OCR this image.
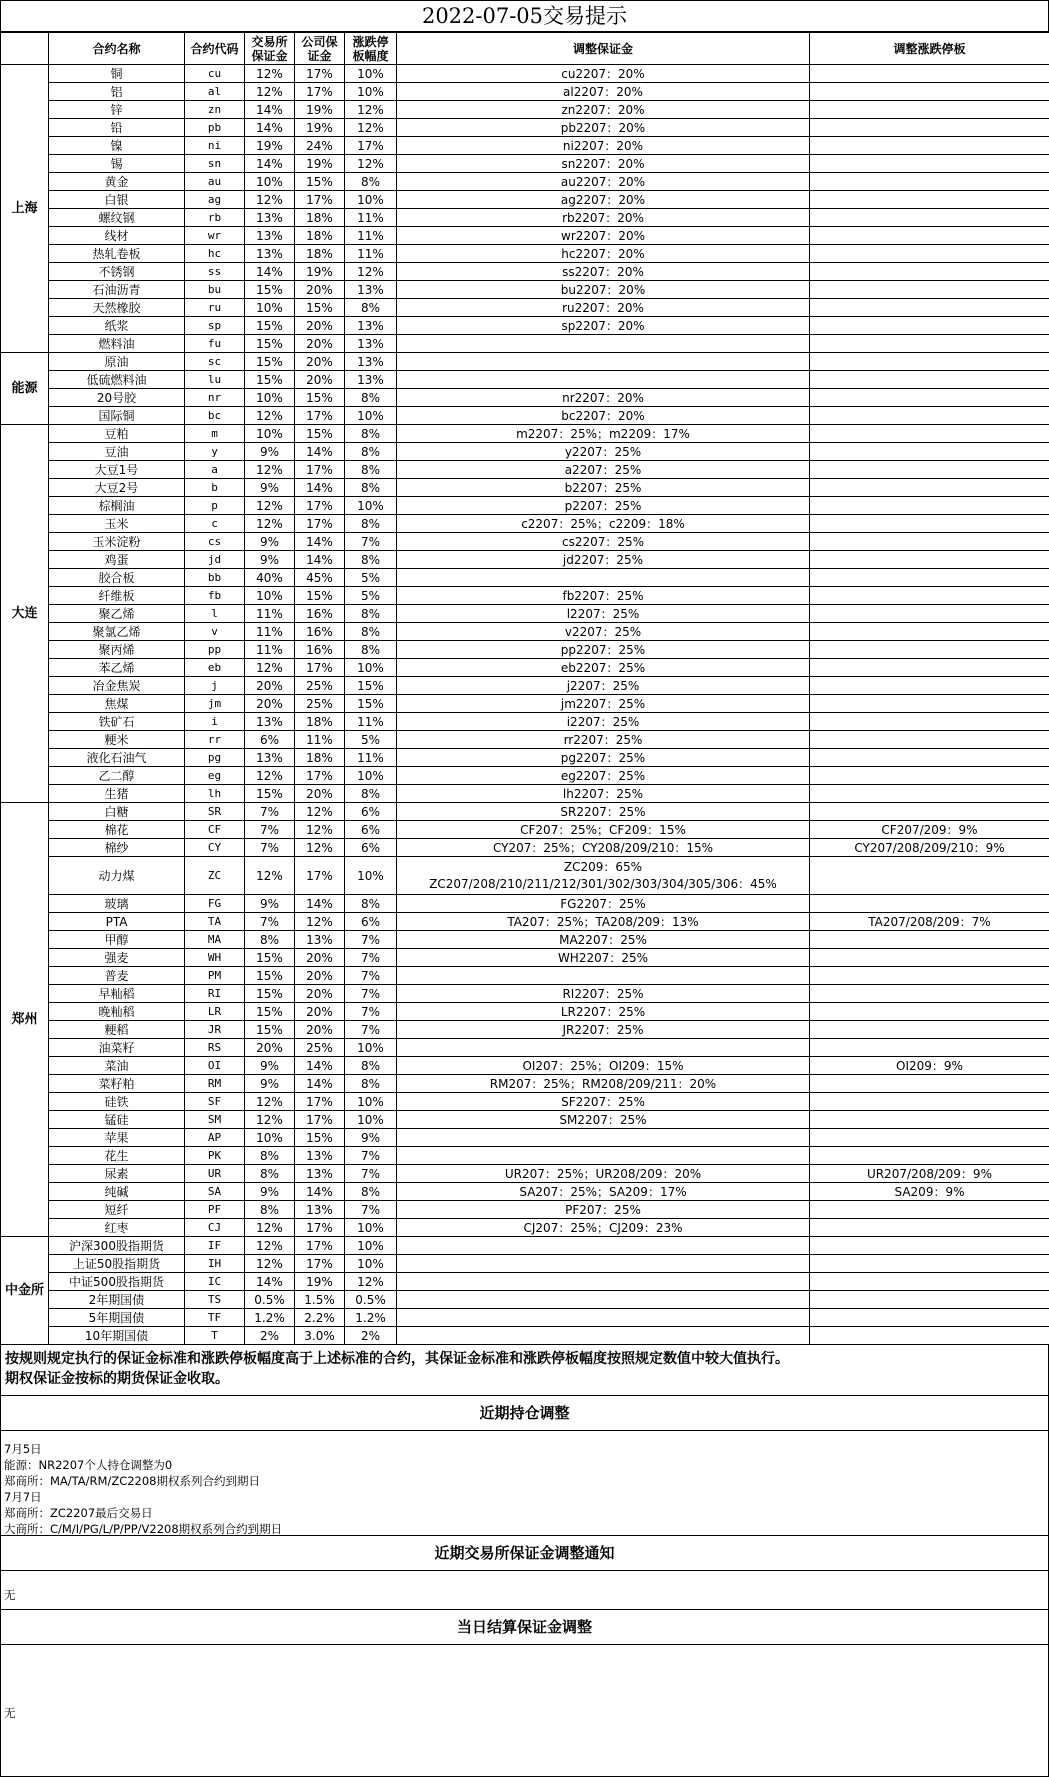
2022-07-05交易提示
	合约名称	合约代码	交易所保证金	公司保证金	涨跌停板幅度	调整保证金	调整涨跌停板
上海	铜	cu	12%	17%	10%	cu2207：20%	
	铝	al	12%	17%	10%	al2207：20%	
	锌	zn	14%	19%	12%	zn2207：20%	
	铅	pb	14%	19%	12%	pb2207：20%	
	镍	ni	19%	24%	17%	ni2207：20%	
	锡	sn	14%	19%	12%	sn2207：20%	
	黄金	au	10%	15%	8%	au2207：20%	
	白银	ag	12%	17%	10%	ag2207：20%	
	螺纹钢	rb	13%	18%	11%	rb2207：20%	
	线材	wr	13%	18%	11%	wr2207：20%	
	热轧卷板	hc	13%	18%	11%	hc2207：20%	
	不锈钢	ss	14%	19%	12%	ss2207：20%	
	石油沥青	bu	15%	20%	13%	bu2207：20%	
	天然橡胶	ru	10%	15%	8%	ru2207：20%	
	纸浆	sp	15%	20%	13%	sp2207：20%	
	燃料油	fu	15%	20%	13%		
能源	原油	sc	15%	20%	13%		
	低硫燃料油	lu	15%	20%	13%		
	20号胶	nr	10%	15%	8%	nr2207：20%	
	国际铜	bc	12%	17%	10%	bc2207：20%	
大连	豆粕	m	10%	15%	8%	m2207：25%；m2209：17%	
	豆油	y	9%	14%	8%	y2207：25%	
	大豆1号	a	12%	17%	8%	a2207：25%	
	大豆2号	b	9%	14%	8%	b2207：25%	
	棕榈油	p	12%	17%	10%	p2207：25%	
	玉米	c	12%	17%	8%	c2207：25%；c2209：18%	
	玉米淀粉	cs	9%	14%	7%	cs2207：25%	
	鸡蛋	jd	9%	14%	8%	jd2207：25%	
	胶合板	bb	40%	45%	5%		
	纤维板	fb	10%	15%	5%	fb2207：25%	
	聚乙烯	l	11%	16%	8%	l2207：25%	
	聚氯乙烯	v	11%	16%	8%	v2207：25%	
	聚丙烯	pp	11%	16%	8%	pp2207：25%	
	苯乙烯	eb	12%	17%	10%	eb2207：25%	
	冶金焦炭	j	20%	25%	15%	j2207：25%	
	焦煤	jm	20%	25%	15%	jm2207：25%	
	铁矿石	i	13%	18%	11%	i2207：25%	
	粳米	rr	6%	11%	5%	rr2207：25%	
	液化石油气	pg	13%	18%	11%	pg2207：25%	
	乙二醇	eg	12%	17%	10%	eg2207：25%	
	生猪	lh	15%	20%	8%	lh2207：25%	
郑州	白糖	SR	7%	12%	6%	SR2207：25%	
	棉花	CF	7%	12%	6%	CF207：25%；CF209：15%	CF207/209：9%
	棉纱	CY	7%	12%	6%	CY207：25%；CY208/209/210：15%	CY207/208/209/210：9%
	动力煤	ZC	12%	17%	10%	ZC209：65%
ZC207/208/210/211/212/301/302/303/304/305/306：45%	
	玻璃	FG	9%	14%	8%	FG2207：25%	
	PTA	TA	7%	12%	6%	TA207：25%；TA208/209：13%	TA207/208/209：7%
	甲醇	MA	8%	13%	7%	MA2207：25%	
	强麦	WH	15%	20%	7%	WH2207：25%	
	普麦	PM	15%	20%	7%		
	早籼稻	RI	15%	20%	7%	RI2207：25%	
	晚籼稻	LR	15%	20%	7%	LR2207：25%	
	粳稻	JR	15%	20%	7%	JR2207：25%	
	油菜籽	RS	20%	25%	10%		
	菜油	OI	9%	14%	8%	OI207：25%；OI209：15%	OI209：9%
	菜籽粕	RM	9%	14%	8%	RM207：25%；RM208/209/211：20%	
	硅铁	SF	12%	17%	10%	SF2207：25%	
	锰硅	SM	12%	17%	10%	SM2207：25%	
	苹果	AP	10%	15%	9%		
	花生	PK	8%	13%	7%		
	尿素	UR	8%	13%	7%	UR207：25%；UR208/209：20%	UR207/208/209：9%
	纯碱	SA	9%	14%	8%	SA207：25%；SA209：17%	SA209：9%
	短纤	PF	8%	13%	7%	PF207：25%	
	红枣	CJ	12%	17%	10%	CJ207：25%；CJ209：23%	
中金所	沪深300股指期货	IF	12%	17%	10%		
	上证50股指期货	IH	12%	17%	10%		
	中证500股指期货	IC	14%	19%	12%		
	2年期国债	TS	0.5%	1.5%	0.5%		
	5年期国债	TF	1.2%	2.2%	1.2%		
	10年期国债	T	2%	3.0%	2%		
按规则规定执行的保证金标准和涨跌停板幅度高于上述标准的合约，其保证金标准和涨跌停板幅度按照规定数值中较大值执行。
期权保证金按标的期货保证金收取。
近期持仓调整
7月5日
能源：NR2207个人持仓调整为0
郑商所：MA/TA/RM/ZC2208期权系列合约到期日
7月7日
郑商所：ZC2207最后交易日
大商所：C/M/I/PG/L/P/PP/V2208期权系列合约到期日
近期交易所保证金调整通知
无
当日结算保证金调整
无
